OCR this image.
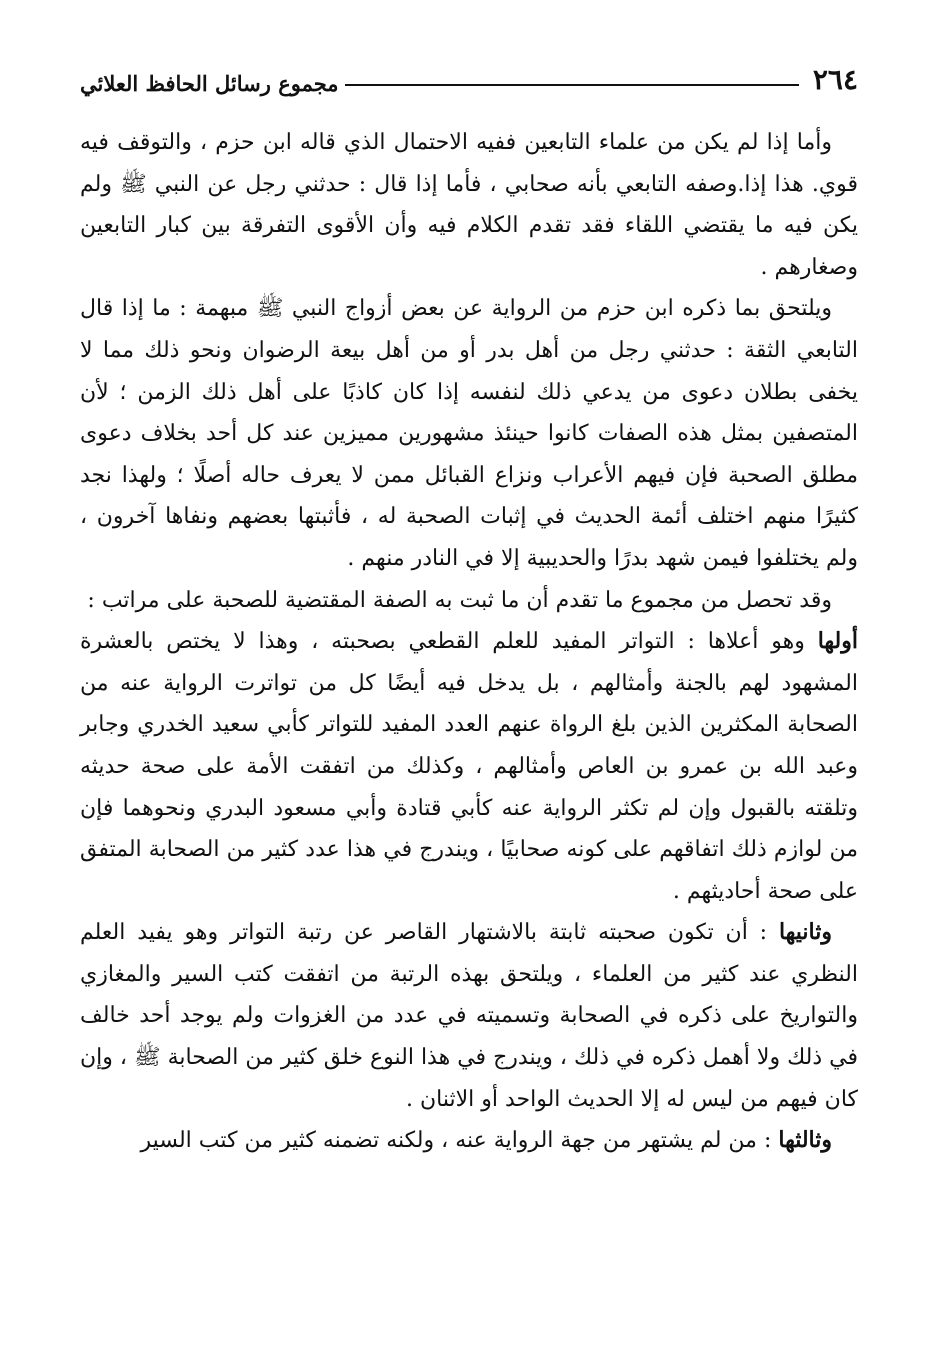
٢٦٤
مجموع رسائل الحافظ العلائي

وأما إذا لم يكن من علماء التابعين ففيه الاحتمال الذي قاله ابن حزم ، والتوقف فيه قوي. هذا إذا.وصفه التابعي بأنه صحابي ، فأما إذا قال : حدثني رجل عن النبي ﷺ ولم يكن فيه ما يقتضي اللقاء فقد تقدم الكلام فيه وأن الأقوى التفرقة بين كبار التابعين وصغارهم .

ويلتحق بما ذكره ابن حزم من الرواية عن بعض أزواج النبي ﷺ مبهمة : ما إذا قال التابعي الثقة : حدثني رجل من أهل بدر أو من أهل بيعة الرضوان ونحو ذلك مما لا يخفى بطلان دعوى من يدعي ذلك لنفسه إذا كان كاذبًا على أهل ذلك الزمن ؛ لأن المتصفين بمثل هذه الصفات كانوا حينئذ مشهورين مميزين عند كل أحد بخلاف دعوى مطلق الصحبة فإن فيهم الأعراب ونزاع القبائل ممن لا يعرف حاله أصلًا ؛ ولهذا نجد كثيرًا منهم اختلف أئمة الحديث في إثبات الصحبة له ، فأثبتها بعضهم ونفاها آخرون ، ولم يختلفوا فيمن شهد بدرًا والحديبية إلا في النادر منهم .

وقد تحصل من مجموع ما تقدم أن ما ثبت به الصفة المقتضية للصحبة على مراتب :

أولها وهو أعلاها : التواتر المفيد للعلم القطعي بصحبته ، وهذا لا يختص بالعشرة المشهود لهم بالجنة وأمثالهم ، بل يدخل فيه أيضًا كل من تواترت الرواية عنه من الصحابة المكثرين الذين بلغ الرواة عنهم العدد المفيد للتواتر كأبي سعيد الخدري وجابر وعبد الله بن عمرو بن العاص وأمثالهم ، وكذلك من اتفقت الأمة على صحة حديثه وتلقته بالقبول وإن لم تكثر الرواية عنه كأبي قتادة وأبي مسعود البدري ونحوهما فإن من لوازم ذلك اتفاقهم على كونه صحابيًا ، ويندرج في هذا عدد كثير من الصحابة المتفق على صحة أحاديثهم .

وثانيها : أن تكون صحبته ثابتة بالاشتهار القاصر عن رتبة التواتر وهو يفيد العلم النظري عند كثير من العلماء ، ويلتحق بهذه الرتبة من اتفقت كتب السير والمغازي والتواريخ على ذكره في الصحابة وتسميته في عدد من الغزوات ولم يوجد أحد خالف في ذلك ولا أهمل ذكره في ذلك ، ويندرج في هذا النوع خلق كثير من الصحابة ﷺ ، وإن كان فيهم من ليس له إلا الحديث الواحد أو الاثنان .

وثالثها : من لم يشتهر من جهة الرواية عنه ، ولكنه تضمنه كثير من كتب السير
